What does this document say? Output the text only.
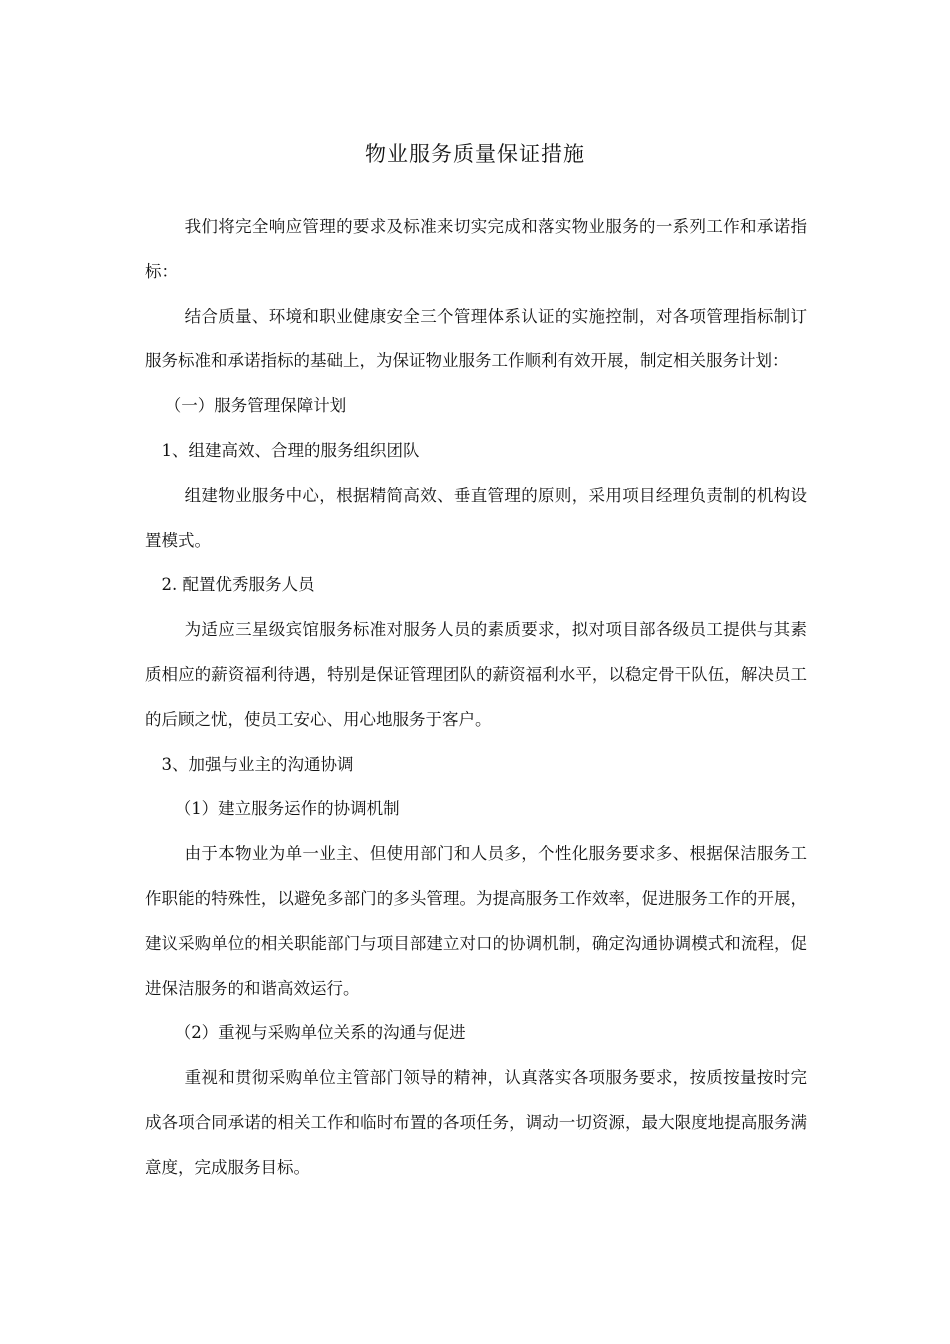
物业服务质量保证措施

我们将完全响应管理的要求及标准来切实完成和落实物业服务的一系列工作和承诺指标：

结合质量、环境和职业健康安全三个管理体系认证的实施控制，对各项管理指标制订服务标准和承诺指标的基础上，为保证物业服务工作顺利有效开展，制定相关服务计划：

（一）服务管理保障计划

1、组建高效、合理的服务组织团队

组建物业服务中心，根据精简高效、垂直管理的原则，采用项目经理负责制的机构设置模式。

2. 配置优秀服务人员

为适应三星级宾馆服务标准对服务人员的素质要求，拟对项目部各级员工提供与其素质相应的薪资福利待遇，特别是保证管理团队的薪资福利水平，以稳定骨干队伍，解决员工的后顾之忧，使员工安心、用心地服务于客户。

3、加强与业主的沟通协调

（1）建立服务运作的协调机制

由于本物业为单一业主、但使用部门和人员多，个性化服务要求多、根据保洁服务工作职能的特殊性，以避免多部门的多头管理。为提高服务工作效率，促进服务工作的开展，建议采购单位的相关职能部门与项目部建立对口的协调机制，确定沟通协调模式和流程，促进保洁服务的和谐高效运行。

（2）重视与采购单位关系的沟通与促进

重视和贯彻采购单位主管部门领导的精神，认真落实各项服务要求，按质按量按时完成各项合同承诺的相关工作和临时布置的各项任务，调动一切资源，最大限度地提高服务满意度，完成服务目标。
